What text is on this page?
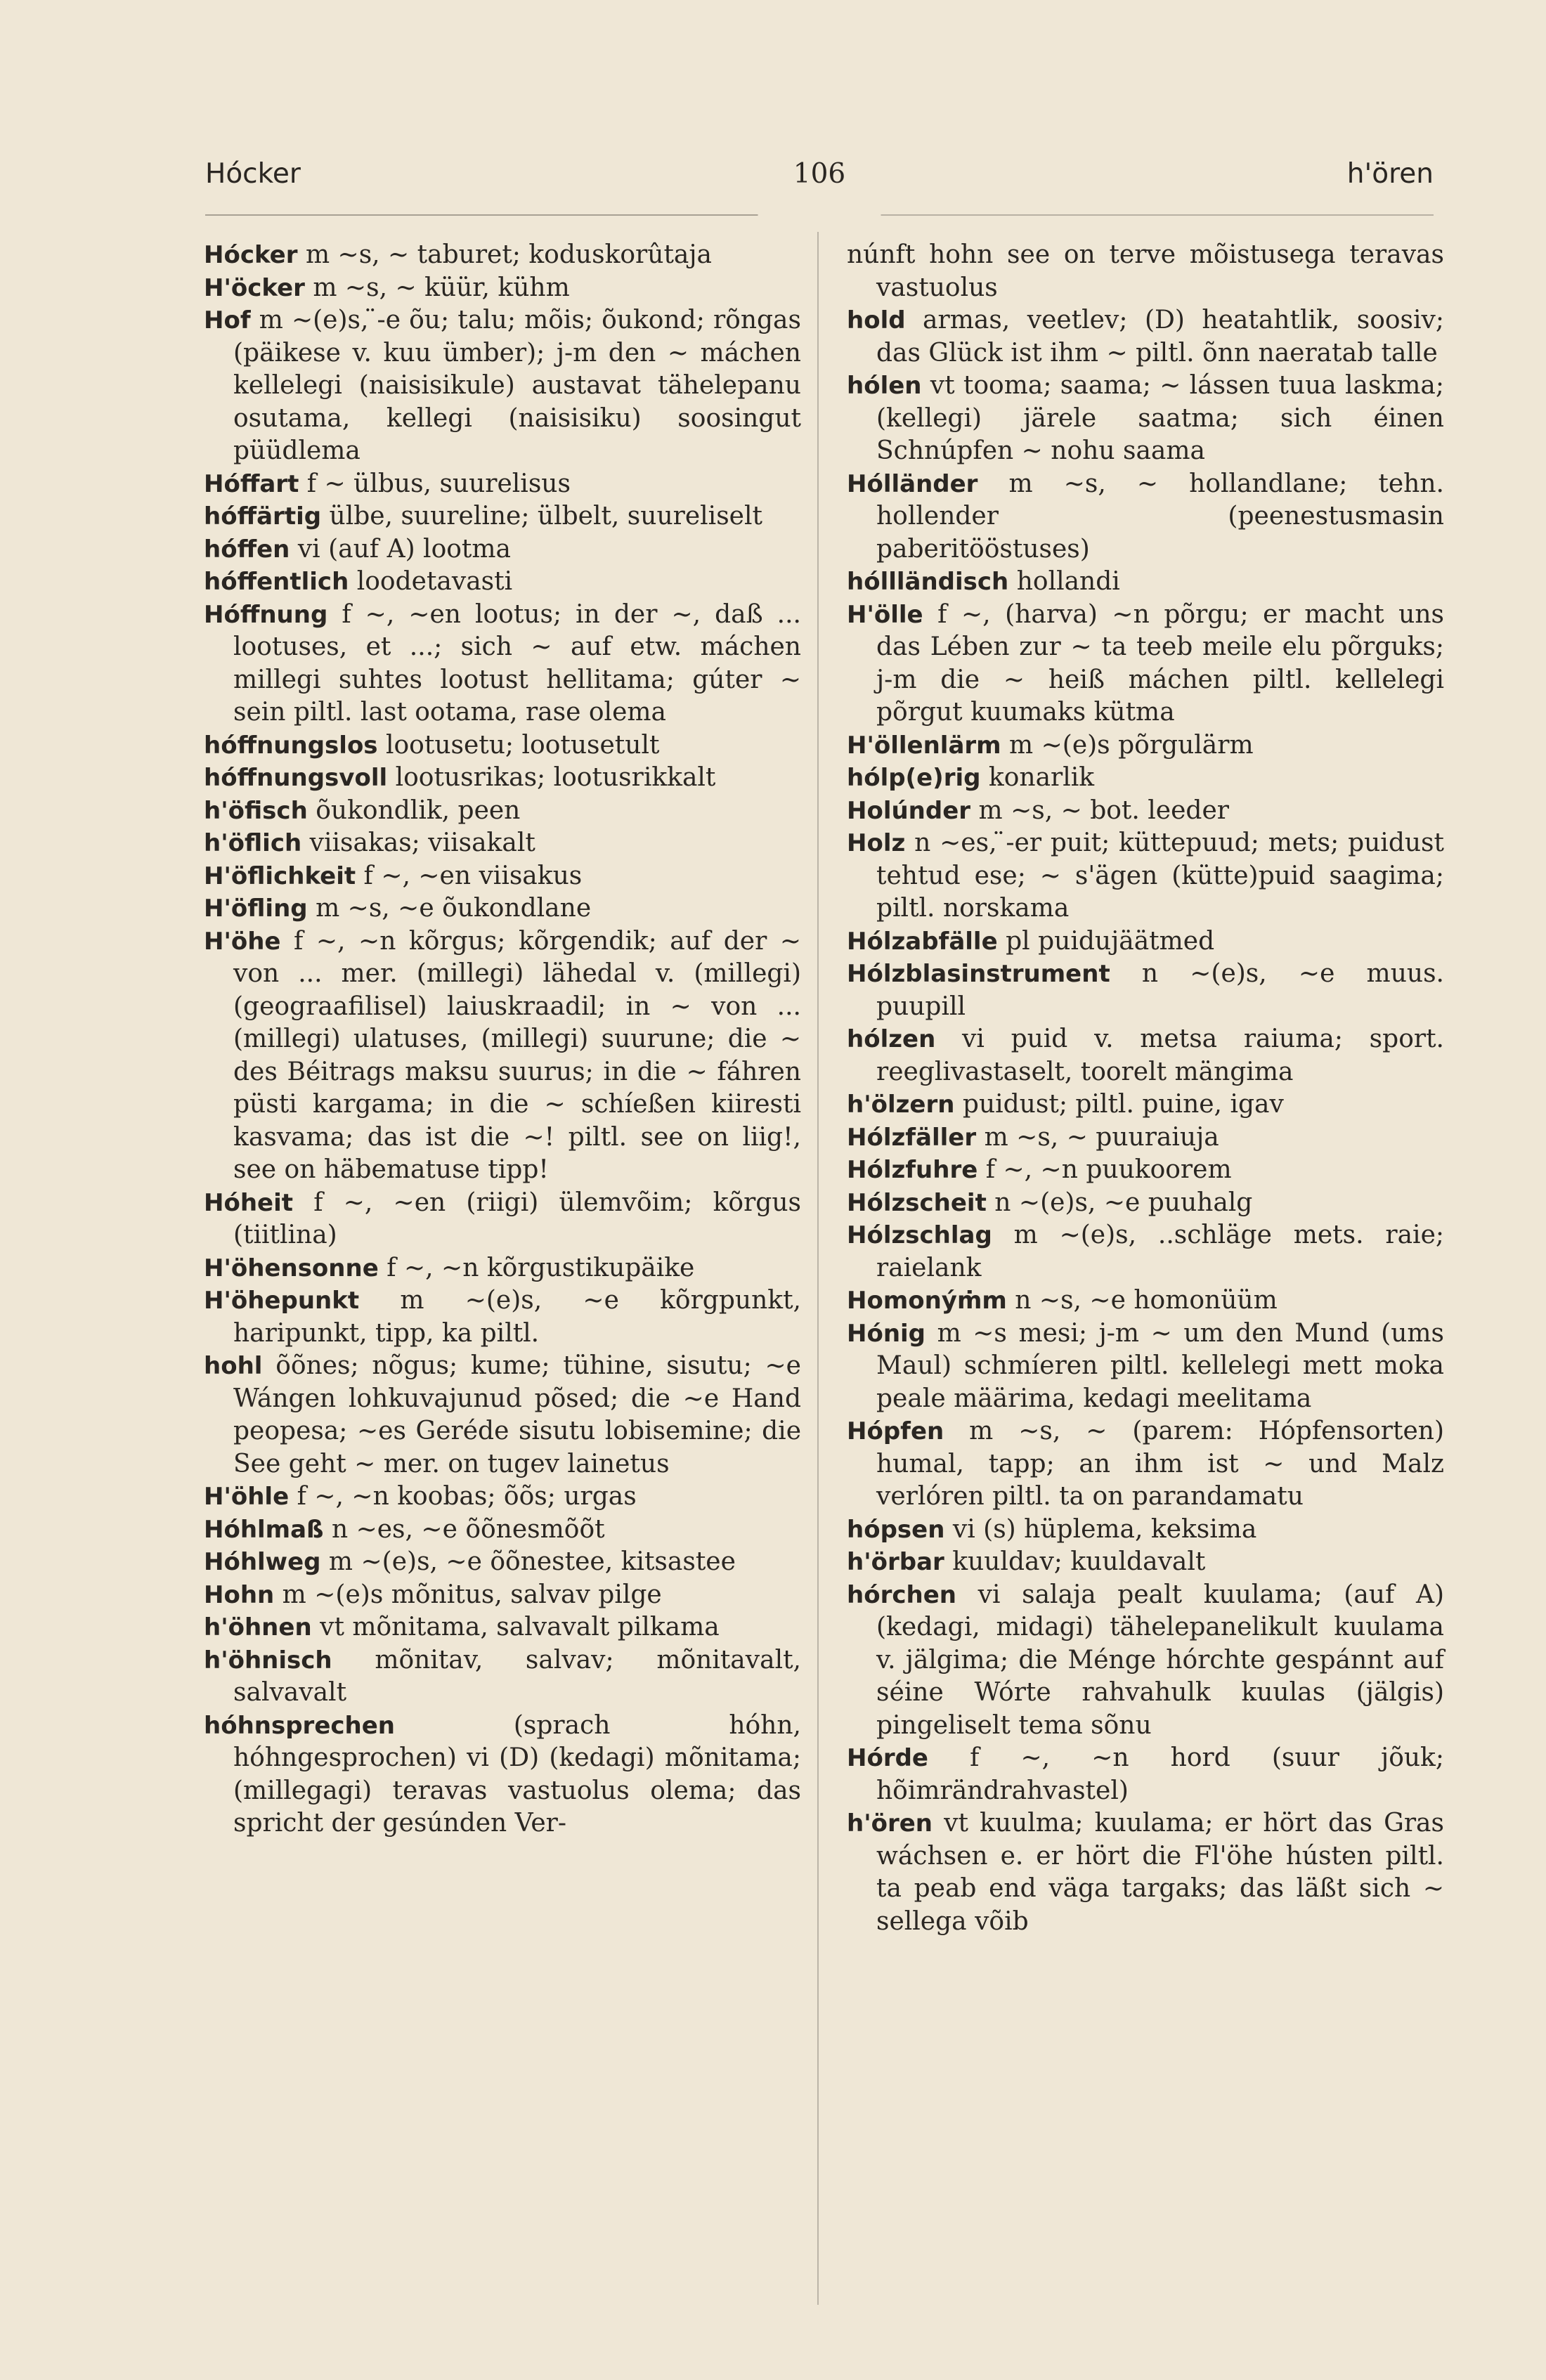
Hócker	106	h'ören

Hócker m ~s, ~ taburet; koduskorûtaja

H'öcker m ~s, ~ küür, kühm

Hof m ~(e)s, ̈-e õu; talu; mõis; õukond; rõngas (päikese v. kuu ümber); j-m den ~ máchen kellelegi (naisisikule) austavat tähelepanu osutama, kellegi (naisisiku) soosingut püüdlema

Hóffart f ~ ülbus, suurelisus

hóffärtig ülbe, suureline; ülbelt, suureliselt

hóffen vi (auf A) lootma

hóffentlich loodetavasti

Hóffnung f ~, ~en lootus; in der ~, daß ... lootuses, et ...; sich ~ auf etw. máchen millegi suhtes lootust hellitama; gúter ~ sein piltl. last ootama, rase olema

hóffnungslos lootusetu; lootusetult

hóffnungsvoll lootusrikas; lootusrikkalt

h'öfisch õukondlik, peen

h'öflich viisakas; viisakalt

H'öflichkeit f ~, ~en viisakus

H'öfling m ~s, ~e õukondlane

H'öhe f ~, ~n kõrgus; kõrgendik; auf der ~ von ... mer. (millegi) lähedal v. (millegi) (geograafilisel) laiuskraadil; in ~ von ... (millegi) ulatuses, (millegi) suurune; die ~ des Béitrags maksu suurus; in die ~ fáhren püsti kargama; in die ~ schíeßen kiiresti kasvama; das ist die ~! piltl. see on liig!, see on häbematuse tipp!

Hóheit f ~, ~en (riigi) ülemvõim; kõrgus (tiitlina)

H'öhensonne f ~, ~n kõrgustikupäike

H'öhepunkt m ~(e)s, ~e kõrgpunkt, haripunkt, tipp, ka piltl.

hohl õõnes; nõgus; kume; tühine, sisutu; ~e Wángen lohkuvajunud põsed; die ~e Hand peopesa; ~es Geréde sisutu lobisemine; die See geht ~ mer. on tugev lainetus

H'öhle f ~, ~n koobas; õõs; urgas

Hóhlmaß n ~es, ~e õõnesmõõt

Hóhlweg m ~(e)s, ~e õõnestee, kitsastee

Hohn m ~(e)s mõnitus, salvav pilge

h'öhnen vt mõnitama, salvavalt pilkama

h'öhnisch mõnitav, salvav; mõnitavalt, salvavalt

hóhnsprechen (sprach hóhn, hóhngesprochen) vi (D) (kedagi) mõnitama; (millegagi) teravas vastuolus olema; das spricht der gesúnden Ver-

núnft hohn see on terve mõistusega teravas vastuolus

hold armas, veetlev; (D) heatahtlik, soosiv; das Glück ist ihm ~ piltl. õnn naeratab talle

hólen vt tooma; saama; ~ lássen tuua laskma; (kellegi) järele saatma; sich éinen Schnúpfen ~ nohu saama

Hólländer m ~s, ~ hollandlane; tehn. hollender (peenestusmasin paberitööstuses)

hóllländisch hollandi

H'ölle f ~, (harva) ~n põrgu; er macht uns das Lében zur ~ ta teeb meile elu põrguks; j-m die ~ heiß máchen piltl. kellelegi põrgut kuumaks kütma

H'öllenlärm m ~(e)s põrgulärm

hólp(e)rig konarlik

Holúnder m ~s, ~ bot. leeder

Holz n ~es, ̈-er puit; küttepuud; mets; puidust tehtud ese; ~ s'ägen (kütte)puid saagima; piltl. norskama

Hólzabfälle pl puidujäätmed

Hólzblasinstrument n ~(e)s, ~e muus. puupill

hólzen vi puid v. metsa raiuma; sport. reeglivastaselt, toorelt mängima

h'ölzern puidust; piltl. puine, igav

Hólzfäller m ~s, ~ puuraiuja

Hólzfuhre f ~, ~n puukoorem

Hólzscheit n ~(e)s, ~e puuhalg

Hólzschlag m ~(e)s, ..schläge mets. raie; raielank

Homonýṁm n ~s, ~e homonüüm

Hónig m ~s mesi; j-m ~ um den Mund (ums Maul) schmíeren piltl. kellelegi mett moka peale määrima, kedagi meelitama

Hópfen m ~s, ~ (parem: Hópfensorten) humal, tapp; an ihm ist ~ und Malz verlóren piltl. ta on parandamatu

hópsen vi (s) hüplema, keksima

h'örbar kuuldav; kuuldavalt

hórchen vi salaja pealt kuulama; (auf A) (kedagi, midagi) tähelepanelikult kuulama v. jälgima; die Ménge hórchte gespánnt auf séine Wórte rahvahulk kuulas (jälgis) pingeliselt tema sõnu

Hórde f ~, ~n hord (suur jõuk; hõimrändrahvastel)

h'ören vt kuulma; kuulama; er hört das Gras wáchsen e. er hört die Fl'öhe hústen piltl. ta peab end väga targaks; das läßt sich ~ sellega võib
